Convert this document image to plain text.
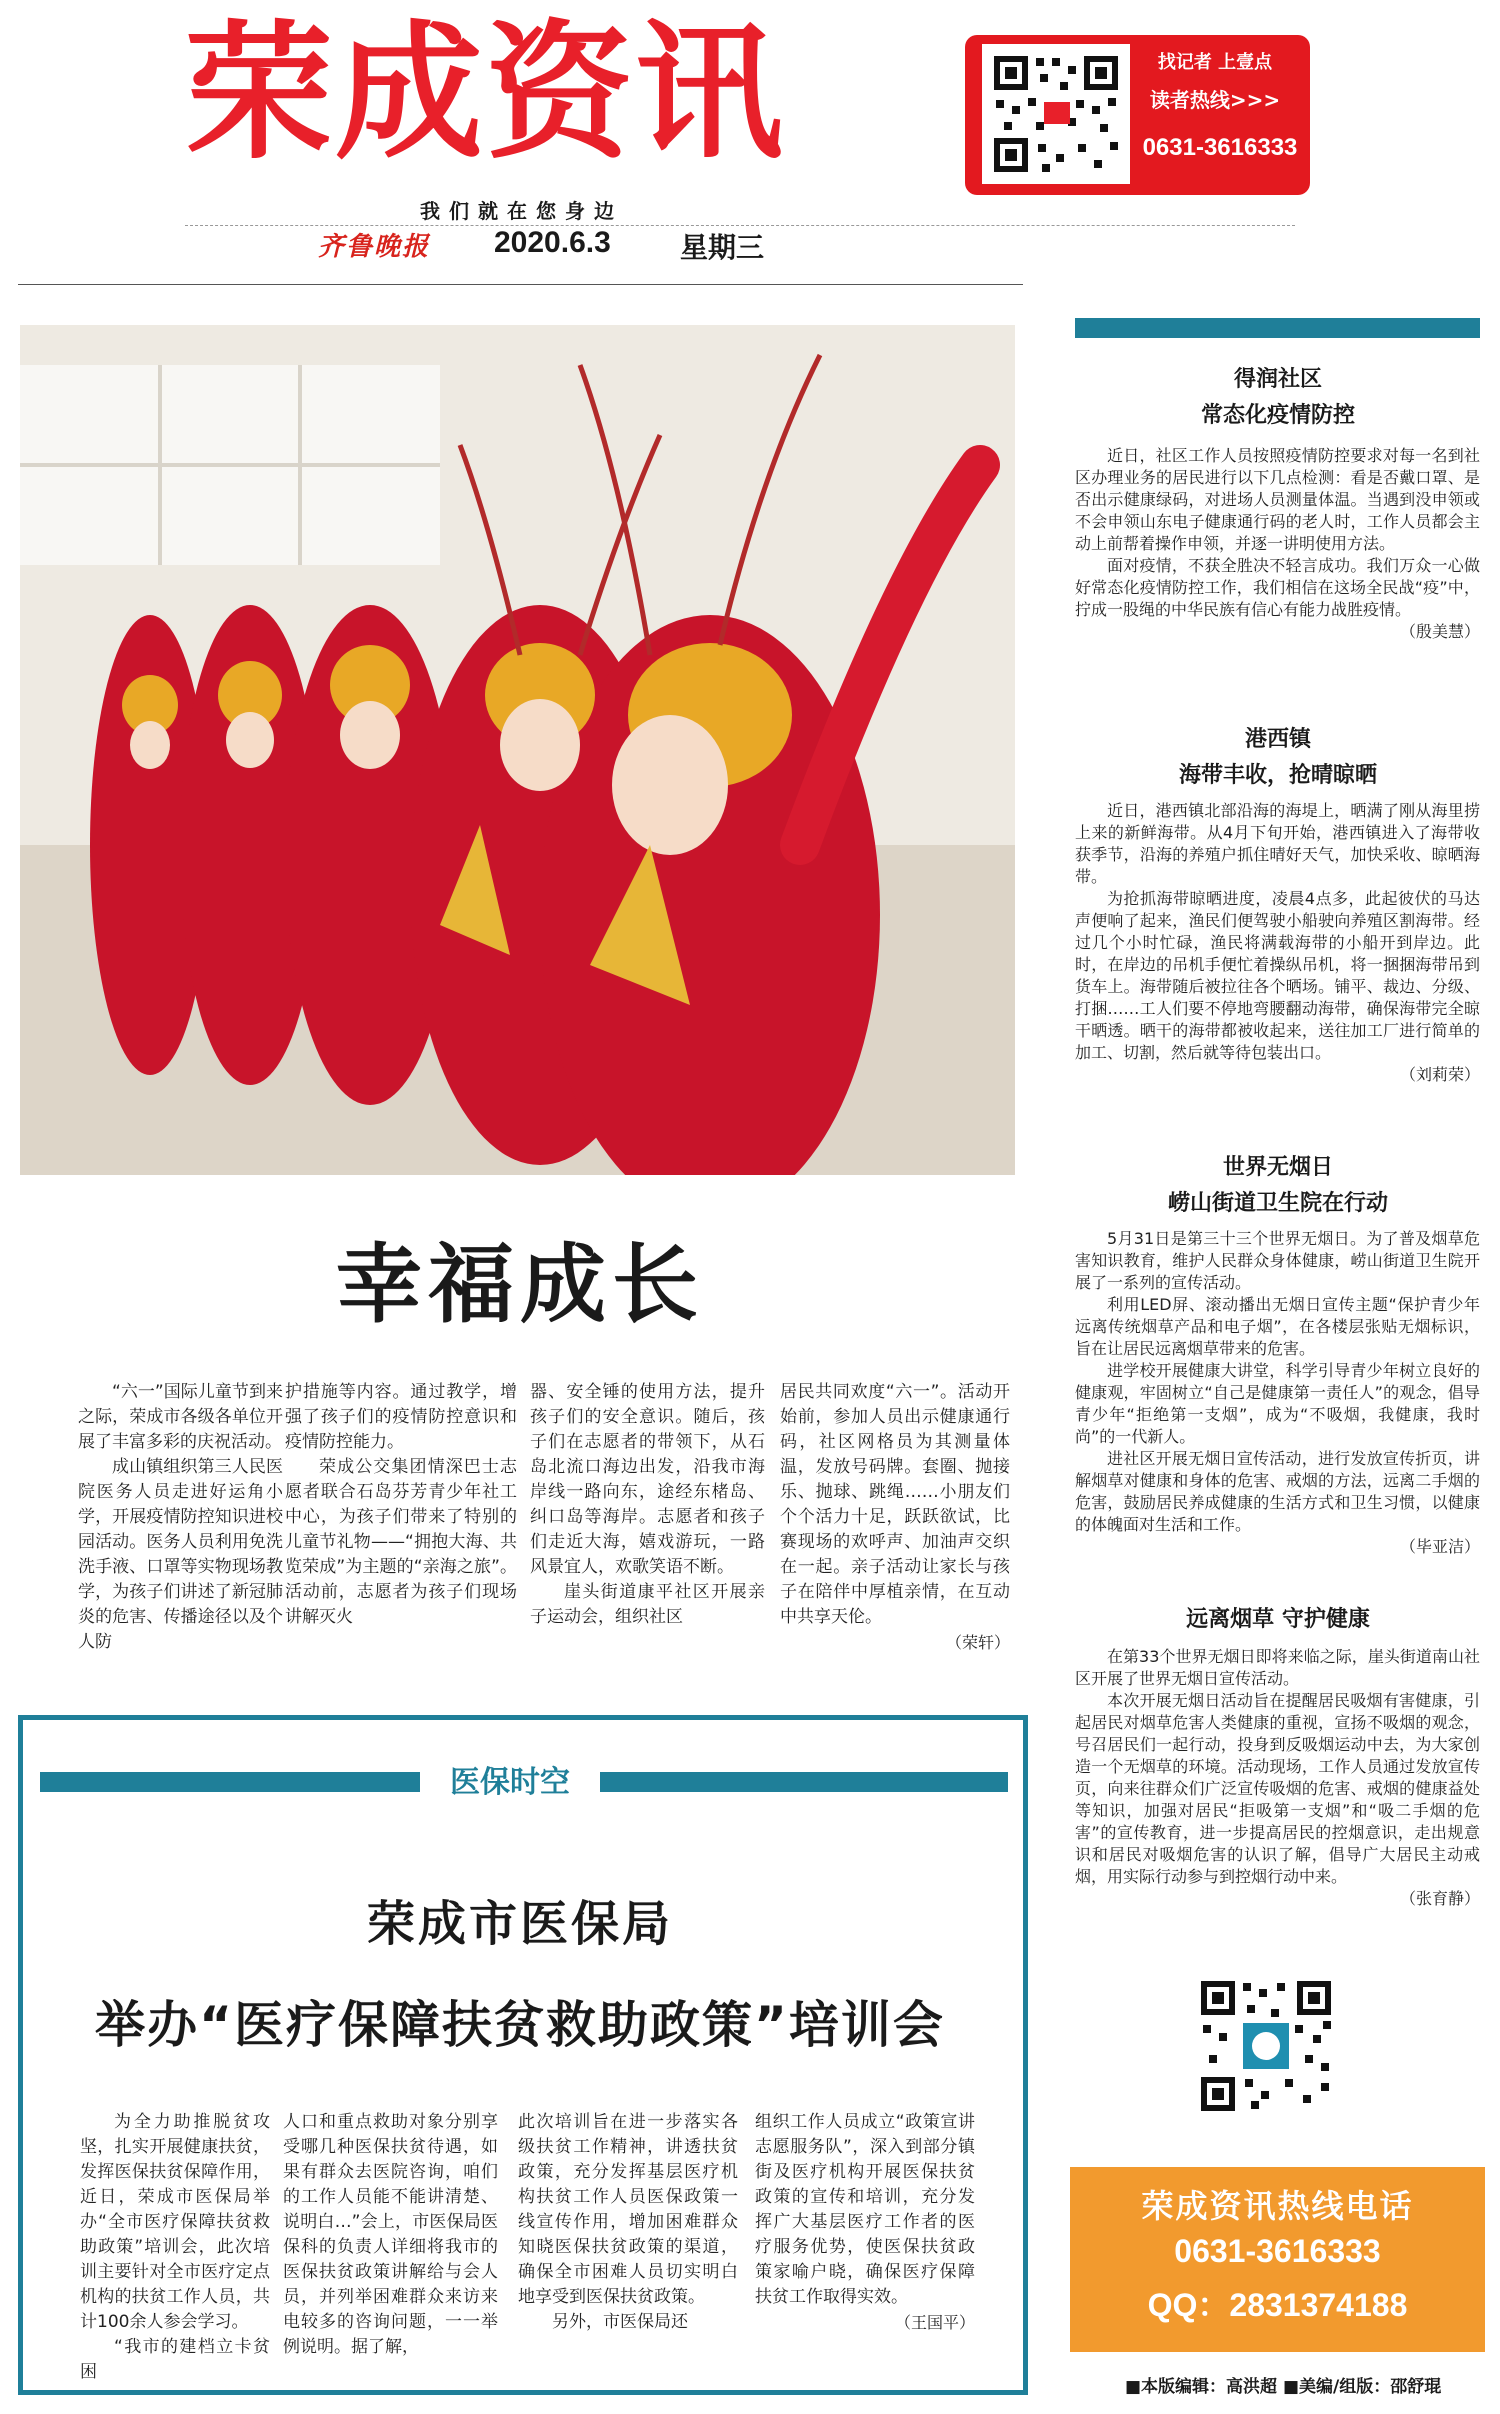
荣成资讯
我们就在您身边
齐鲁晚报 2020.6.3 星期三
找记者 上壹点
读者热线>>>
0631-3616333
幸福成长

“六一”国际儿童节到来之际，荣成市各级各单位开展了丰富多彩的庆祝活动。

成山镇组织第三人民医院医务人员走进好运角小学，开展疫情防控知识进校园活动。医务人员利用免洗洗手液、口罩等实物现场教学，为孩子们讲述了新冠肺炎的危害、传播途径以及个人防

护措施等内容。通过教学，增强了孩子们的疫情防控意识和疫情防控能力。

荣成公交集团情深巴士志愿者联合石岛芬芳青少年社工中心，为孩子们带来了特别的儿童节礼物——“拥抱大海、共览荣成”为主题的“亲海之旅”。活动前，志愿者为孩子们现场讲解灭火

器、安全锤的使用方法，提升孩子们的安全意识。随后，孩子们在志愿者的带领下，从石岛北流口海边出发，沿我市海岸线一路向东，途经东楮岛、纠口岛等海岸。志愿者和孩子们走近大海，嬉戏游玩，一路风景宜人，欢歌笑语不断。

崖头街道康平社区开展亲子运动会，组织社区

居民共同欢度“六一”。活动开始前，参加人员出示健康通行码，社区网格员为其测量体温，发放号码牌。套圈、抛接乐、抛球、跳绳……小朋友们个个活力十足，跃跃欲试，比赛现场的欢呼声、加油声交织在一起。亲子活动让家长与孩子在陪伴中厚植亲情，在互动中共享天伦。

（荣轩）
医保时空
荣成市医保局
举办“医疗保障扶贫救助政策”培训会

为全力助推脱贫攻坚，扎实开展健康扶贫，发挥医保扶贫保障作用，近日，荣成市医保局举办“全市医疗保障扶贫救助政策”培训会，此次培训主要针对全市医疗定点机构的扶贫工作人员，共计100余人参会学习。

“我市的建档立卡贫困

人口和重点救助对象分别享受哪几种医保扶贫待遇，如果有群众去医院咨询，咱们的工作人员能不能讲清楚、说明白…”会上，市医保局医保科的负责人详细将我市的医保扶贫政策讲解给与会人员，并列举困难群众来访来电较多的咨询问题，一一举例说明。据了解，

此次培训旨在进一步落实各级扶贫工作精神，讲透扶贫政策，充分发挥基层医疗机构扶贫工作人员医保政策一线宣传作用，增加困难群众知晓医保扶贫政策的渠道，确保全市困难人员切实明白地享受到医保扶贫政策。

另外，市医保局还

组织工作人员成立“政策宣讲志愿服务队”，深入到部分镇街及医疗机构开展医保扶贫政策的宣传和培训，充分发挥广大基层医疗工作者的医疗服务优势，使医保扶贫政策家喻户晓，确保医疗保障扶贫工作取得实效。

（王国平）
得润社区
常态化疫情防控

近日，社区工作人员按照疫情防控要求对每一名到社区办理业务的居民进行以下几点检测：看是否戴口罩、是否出示健康绿码，对进场人员测量体温。当遇到没申领或不会申领山东电子健康通行码的老人时，工作人员都会主动上前帮着操作申领，并逐一讲明使用方法。

面对疫情，不获全胜决不轻言成功。我们万众一心做好常态化疫情防控工作，我们相信在这场全民战“疫”中，拧成一股绳的中华民族有信心有能力战胜疫情。

（殷美慧）
港西镇
海带丰收，抢晴晾晒

近日，港西镇北部沿海的海堤上，晒满了刚从海里捞上来的新鲜海带。从4月下旬开始，港西镇进入了海带收获季节，沿海的养殖户抓住晴好天气，加快采收、晾晒海带。

为抢抓海带晾晒进度，凌晨4点多，此起彼伏的马达声便响了起来，渔民们便驾驶小船驶向养殖区割海带。经过几个小时忙碌，渔民将满载海带的小船开到岸边。此时，在岸边的吊机手便忙着操纵吊机，将一捆捆海带吊到货车上。海带随后被拉往各个晒场。铺平、裁边、分级、打捆……工人们要不停地弯腰翻动海带，确保海带完全晾干晒透。晒干的海带都被收起来，送往加工厂进行简单的加工、切割，然后就等待包装出口。

（刘莉荣）
世界无烟日
崂山街道卫生院在行动

5月31日是第三十三个世界无烟日。为了普及烟草危害知识教育，维护人民群众身体健康，崂山街道卫生院开展了一系列的宣传活动。

利用LED屏、滚动播出无烟日宣传主题“保护青少年远离传统烟草产品和电子烟”，在各楼层张贴无烟标识，旨在让居民远离烟草带来的危害。

进学校开展健康大讲堂，科学引导青少年树立良好的健康观，牢固树立“自己是健康第一责任人”的观念，倡导青少年“拒绝第一支烟”，成为“不吸烟，我健康，我时尚”的一代新人。

进社区开展无烟日宣传活动，进行发放宣传折页，讲解烟草对健康和身体的危害、戒烟的方法，远离二手烟的危害，鼓励居民养成健康的生活方式和卫生习惯，以健康的体魄面对生活和工作。

（毕亚洁）
远离烟草 守护健康

在第33个世界无烟日即将来临之际，崖头街道南山社区开展了世界无烟日宣传活动。

本次开展无烟日活动旨在提醒居民吸烟有害健康，引起居民对烟草危害人类健康的重视，宣扬不吸烟的观念，号召居民们一起行动，投身到反吸烟运动中去，为大家创造一个无烟草的环境。活动现场，工作人员通过发放宣传页，向来往群众们广泛宣传吸烟的危害、戒烟的健康益处等知识，加强对居民“拒吸第一支烟”和“吸二手烟的危害”的宣传教育，进一步提高居民的控烟意识，走出规意识和居民对吸烟危害的认识了解，倡导广大居民主动戒烟，用实际行动参与到控烟行动中来。

（张育静）
荣成资讯热线电话
0631-3616333
QQ：2831374188
■本版编辑：高洪超 ■美编/组版：邵舒琨
